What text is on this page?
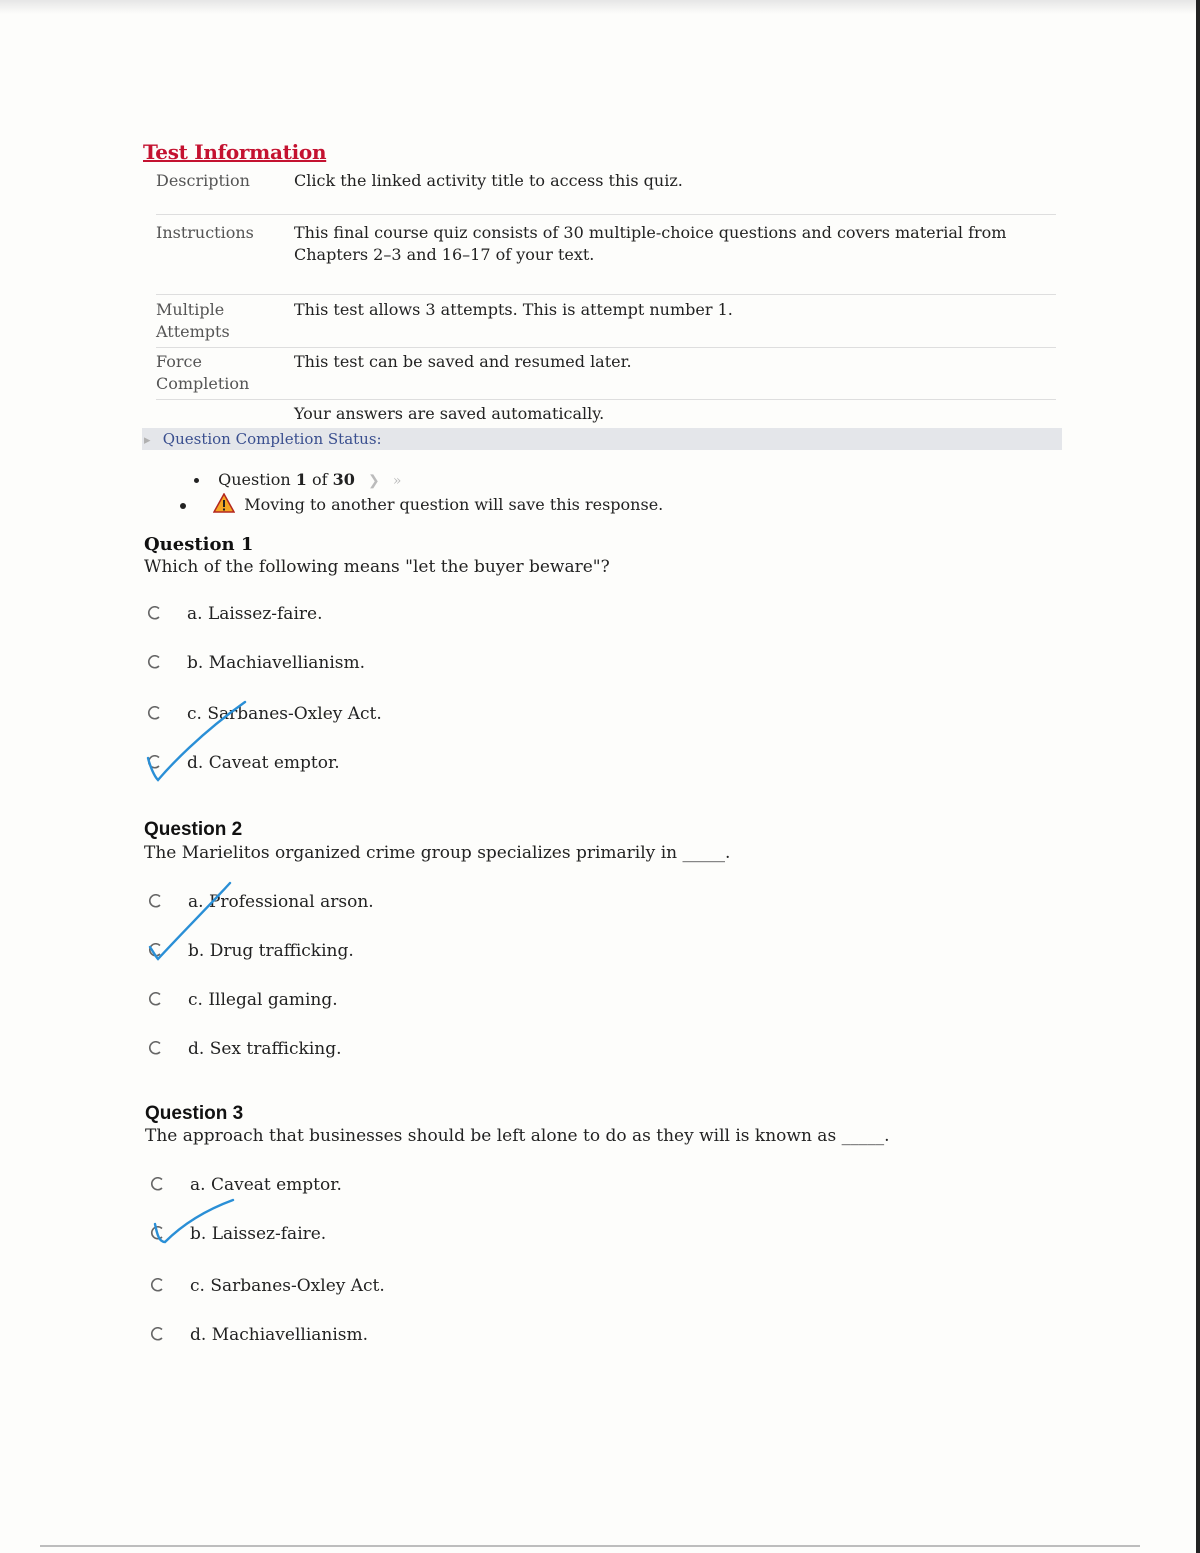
Test Information
Description	Click the linked activity title to access this quiz.
Instructions	This final course quiz consists of 30 multiple-choice questions and covers material from Chapters 2–3 and 16–17 of your text.
Multiple Attempts
This test allows 3 attempts. This is attempt number 1.
Force Completion
This test can be saved and resumed later.
Your answers are saved automatically.
▸ Question Completion Status:
Question 1 of 30 ❯ »
Moving to another question will save this response.
Question 1
Which of the following means "let the buyer beware"?
a. Laissez-faire.
b. Machiavellianism.
c. Sarbanes-Oxley Act.
d. Caveat emptor.
Question 2
The Marielitos organized crime group specializes primarily in _____.
a. Professional arson.
b. Drug trafficking.
c. Illegal gaming.
d. Sex trafficking.
Question 3
The approach that businesses should be left alone to do as they will is known as _____.
a. Caveat emptor.
b. Laissez-faire.
c. Sarbanes-Oxley Act.
d. Machiavellianism.
